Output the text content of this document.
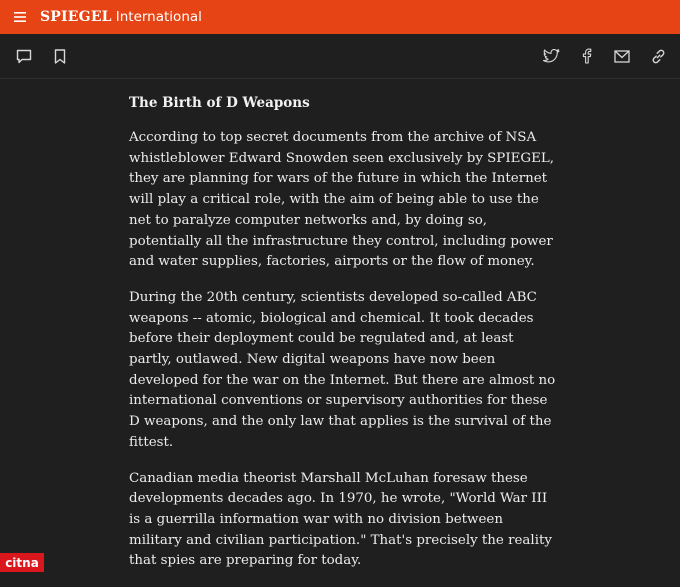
SPIEGEL International
The Birth of D Weapons

According to top secret documents from the archive of NSA whistleblower Edward Snowden seen exclusively by SPIEGEL, they are planning for wars of the future in which the Internet will play a critical role, with the aim of being able to use the net to paralyze computer networks and, by doing so, potentially all the infrastructure they control, including power and water supplies, factories, airports or the flow of money.

During the 20th century, scientists developed so-called ABC weapons -- atomic, biological and chemical. It took decades before their deployment could be regulated and, at least partly, outlawed. New digital weapons have now been developed for the war on the Internet. But there are almost no international conventions or supervisory authorities for these D weapons, and the only law that applies is the survival of the fittest.

Canadian media theorist Marshall McLuhan foresaw these developments decades ago. In 1970, he wrote, "World War III is a guerrilla information war with no division between military and civilian participation." That's precisely the reality that spies are preparing for today.

citna
